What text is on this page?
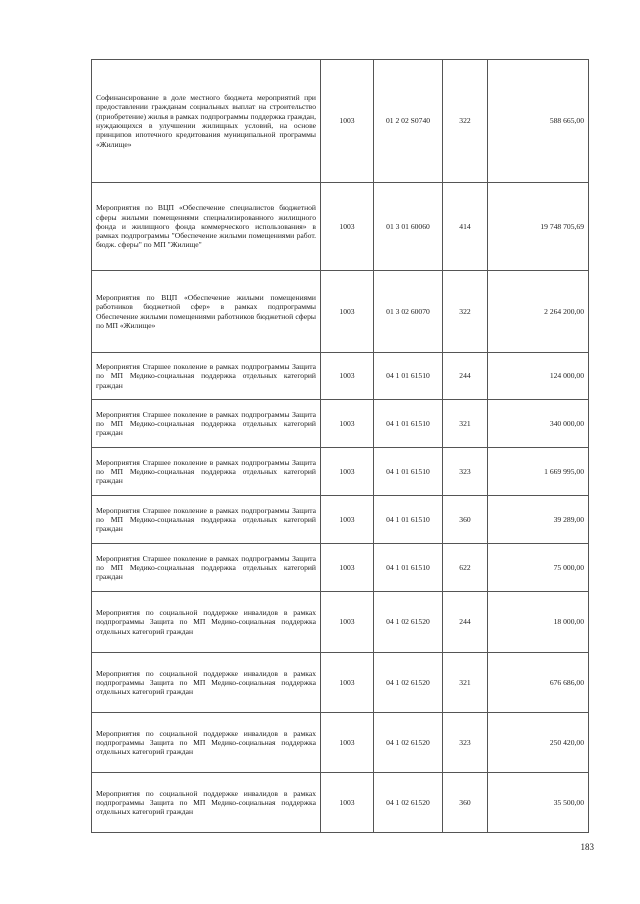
Софинансирование в доле местного бюджета мероприятий при предоставлении гражданам социальных выплат на строительство (приобретение) жилья в рамках подпрограммы поддержка граждан, нуждающихся в улучшении жилищных условий, на основе принципов ипотечного кредитования муниципальной программы «Жилище»	1003	01 2 02 S0740	322	588 665,00
Мероприятия по ВЦП «Обеспечение специалистов бюджетной сферы жилыми помещениями специализированного жилищного фонда и жилищного фонда коммерческого использования» в рамках подпрограммы "Обеспечение жилыми помещениями работ. бюдж. сферы" по МП "Жилище"	1003	01 3 01 60060	414	19 748 705,69
Мероприятия по ВЦП «Обеспечение жилыми помещениями работников бюджетной сфер» в рамках подпрограммы Обеспечение жилыми помещениями работников бюджетной сферы по МП «Жилище»	1003	01 3 02 60070	322	2 264 200,00
Мероприятия Старшее поколение в рамках подпрограммы Защита по МП Медико-социальная поддержка отдельных категорий граждан	1003	04 1 01 61510	244	124 000,00
Мероприятия Старшее поколение в рамках подпрограммы Защита по МП Медико-социальная поддержка отдельных категорий граждан	1003	04 1 01 61510	321	340 000,00
Мероприятия Старшее поколение в рамках подпрограммы Защита по МП Медико-социальная поддержка отдельных категорий граждан	1003	04 1 01 61510	323	1 669 995,00
Мероприятия Старшее поколение в рамках подпрограммы Защита по МП Медико-социальная поддержка отдельных категорий граждан	1003	04 1 01 61510	360	39 289,00
Мероприятия Старшее поколение в рамках подпрограммы Защита по МП Медико-социальная поддержка отдельных категорий граждан	1003	04 1 01 61510	622	75 000,00
Мероприятия по социальной поддержке инвалидов в рамках подпрограммы Защита по МП Медико-социальная поддержка отдельных категорий граждан	1003	04 1 02 61520	244	18 000,00
Мероприятия по социальной поддержке инвалидов в рамках подпрограммы Защита по МП Медико-социальная поддержка отдельных категорий граждан	1003	04 1 02 61520	321	676 686,00
Мероприятия по социальной поддержке инвалидов в рамках подпрограммы Защита по МП Медико-социальная поддержка отдельных категорий граждан	1003	04 1 02 61520	323	250 420,00
Мероприятия по социальной поддержке инвалидов в рамках подпрограммы Защита по МП Медико-социальная поддержка отдельных категорий граждан	1003	04 1 02 61520	360	35 500,00
183
